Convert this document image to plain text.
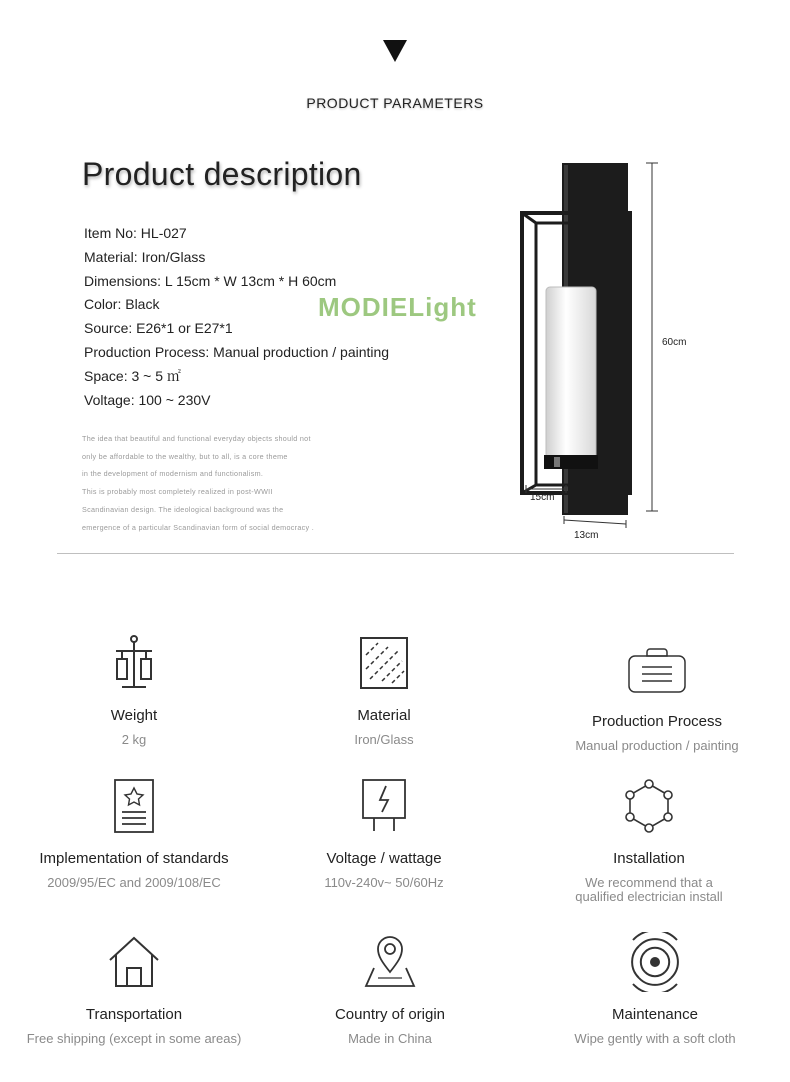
PRODUCT PARAMETERS
Product description
Item No: HL-027
Material: Iron/Glass
Dimensions: L 15cm * W 13cm * H 60cm
Color: Black
Source: E26*1 or E27*1
Production Process: Manual production / painting
Space: 3 ~ 5 ㎡
Voltage: 100 ~ 230V
MODIELight

The idea that beautiful and functional everyday objects should not

only be affordable to the wealthy, but to all, is a core theme

in the development of modernism and functionalism.

This is probably most completely realized in post-WWII

Scandinavian design. The ideological background was the

emergence of a particular Scandinavian form of social democracy .

60cm
15cm
13cm
Weight
2 kg
Material
Iron/Glass
Production Process
Manual production / painting
Implementation of standards
2009/95/EC and 2009/108/EC
Voltage / wattage
110v-240v~ 50/60Hz
Installation
We recommend that a
qualified electrician install
Transportation
Free shipping (except in some areas)
Country of origin
Made in China
Maintenance
Wipe gently with a soft cloth
